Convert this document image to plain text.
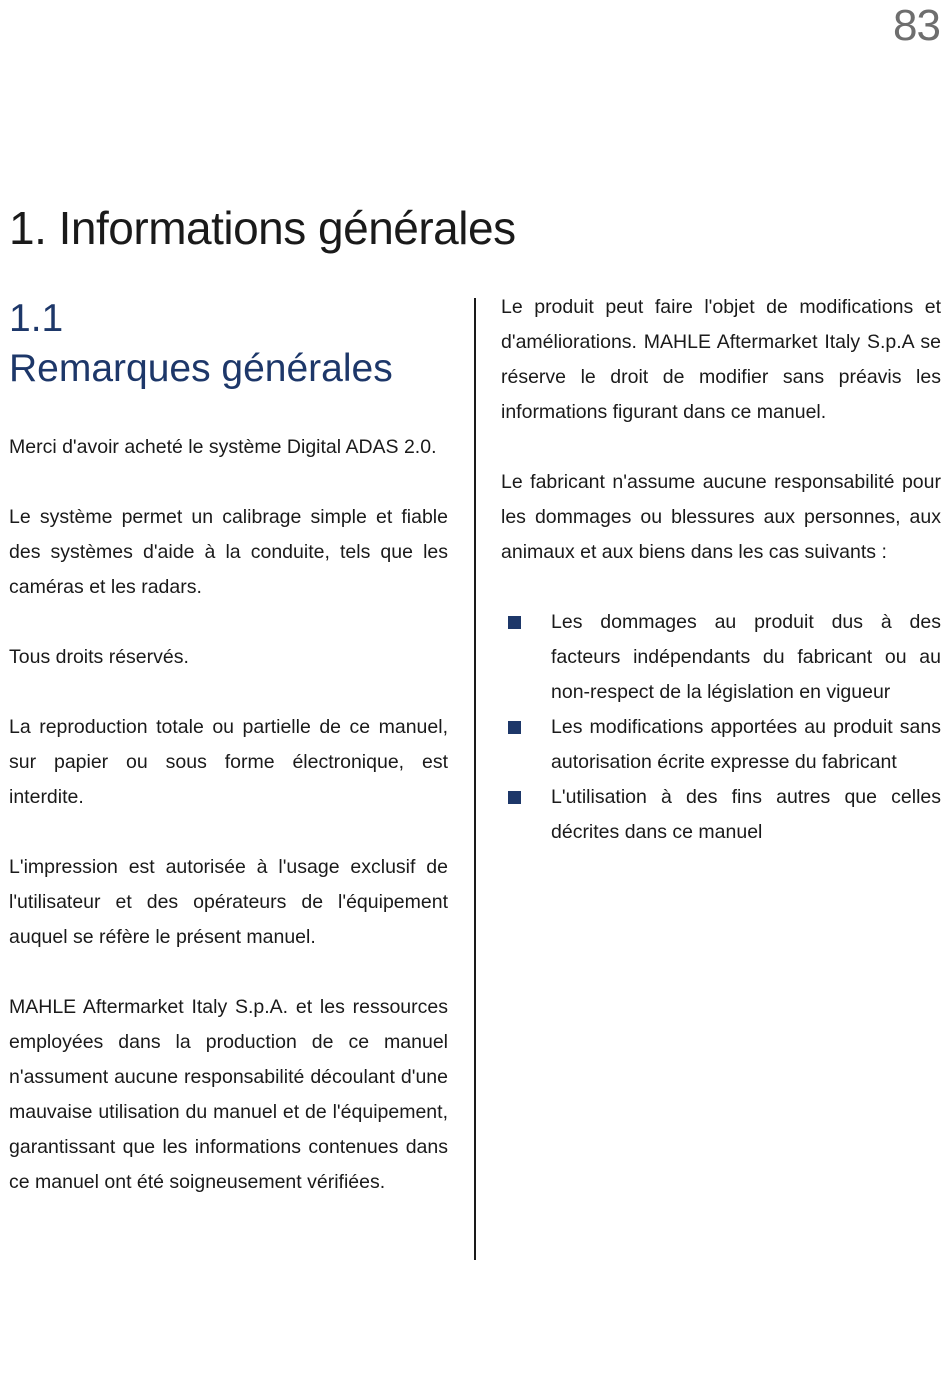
83
1. Informations générales
1.1
Remarques générales

Merci d'avoir acheté le système Digital ADAS 2.0.

Le système permet un calibrage simple et fiable des systèmes d'aide à la conduite, tels que les caméras et les radars.

Tous droits réservés.

La reproduction totale ou partielle de ce manuel, sur papier ou sous forme électronique, est interdite.

L'impression est autorisée à l'usage exclusif de l'utilisateur et des opérateurs de l'équipement auquel se réfère le présent manuel.

MAHLE Aftermarket Italy S.p.A. et les ressources employées dans la production de ce manuel n'assument aucune responsabilité découlant d'une mauvaise utilisation du manuel et de l'équipement, garantissant que les informations contenues dans ce manuel ont été soigneusement vérifiées.

Le produit peut faire l'objet de modifications et d'améliorations. MAHLE Aftermarket Italy S.p.A se réserve le droit de modifier sans préavis les informations figurant dans ce manuel.

Le fabricant n'assume aucune responsabilité pour les dommages ou blessures aux personnes, aux animaux et aux biens dans les cas suivants :

Les dommages au produit dus à des facteurs indépendants du fabricant ou au non-respect de la législation en vigueur
Les modifications apportées au produit sans autorisation écrite expresse du fabricant
L'utilisation à des fins autres que celles décrites dans ce manuel
